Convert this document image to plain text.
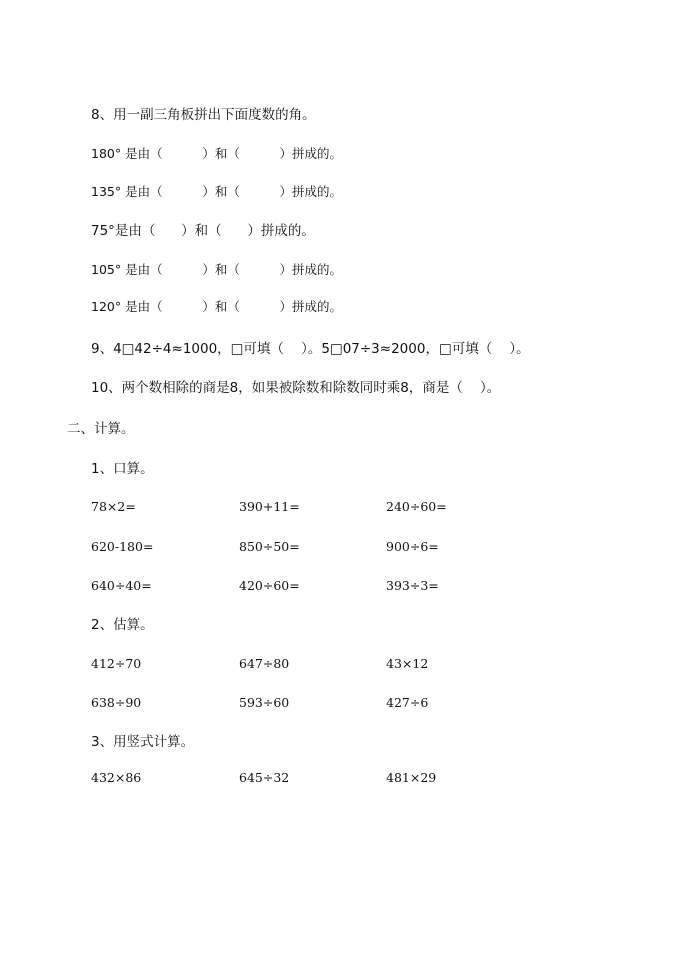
8、用一副三角板拼出下面度数的角。
180° 是由（          ）和（          ）拼成的。
135° 是由（          ）和（          ）拼成的。
75°是由（      ）和（      ）拼成的。
105° 是由（          ）和（          ）拼成的。
120° 是由（          ）和（          ）拼成的。
9、4□42÷4≈1000，□可填（    ）。5□07÷3≈2000，□可填（    ）。
10、两个数相除的商是8，如果被除数和除数同时乘8，商是（    ）。
二、计算。
1、口算。
78×2=	390+11=	240÷60=
620-180=	850÷50=	900÷6=
640÷40=	420÷60=	393÷3=
2、估算。
412÷70	647÷80	43×12
638÷90	593÷60	427÷6
3、用竖式计算。
432×86	645÷32	481×29
